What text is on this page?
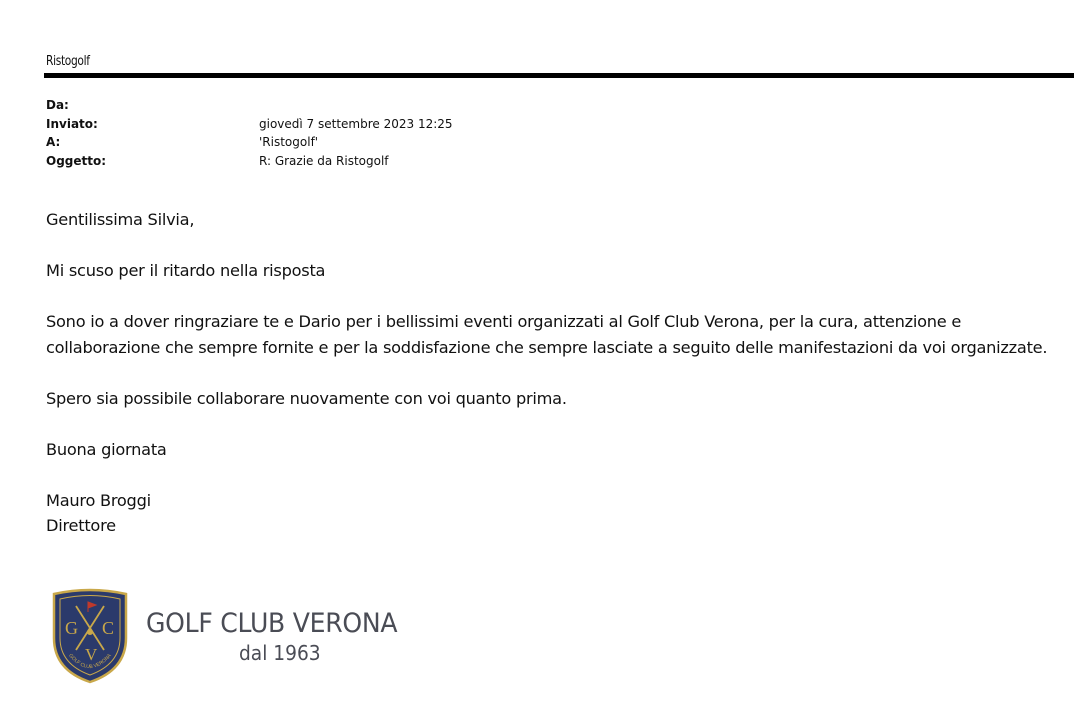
Ristogolf
Da:
Inviato:	giovedì 7 settembre 2023 12:25
A:	'Ristogolf'
Oggetto:	R: Grazie da Ristogolf

Gentilissima Silvia,

Mi scuso per il ritardo nella risposta

Sono io a dover ringraziare te e Dario per i bellissimi eventi organizzati al Golf Club Verona, per la cura, attenzione e collaborazione che sempre fornite e per la soddisfazione che sempre lasciate a seguito delle manifestazioni da voi organizzate.

Spero sia possibile collaborare nuovamente con voi quanto prima.

Buona giornata

Mauro Broggi

Direttore

G C
V
GOLF CLUB VERONA
GOLF CLUB VERONA
dal 1963
